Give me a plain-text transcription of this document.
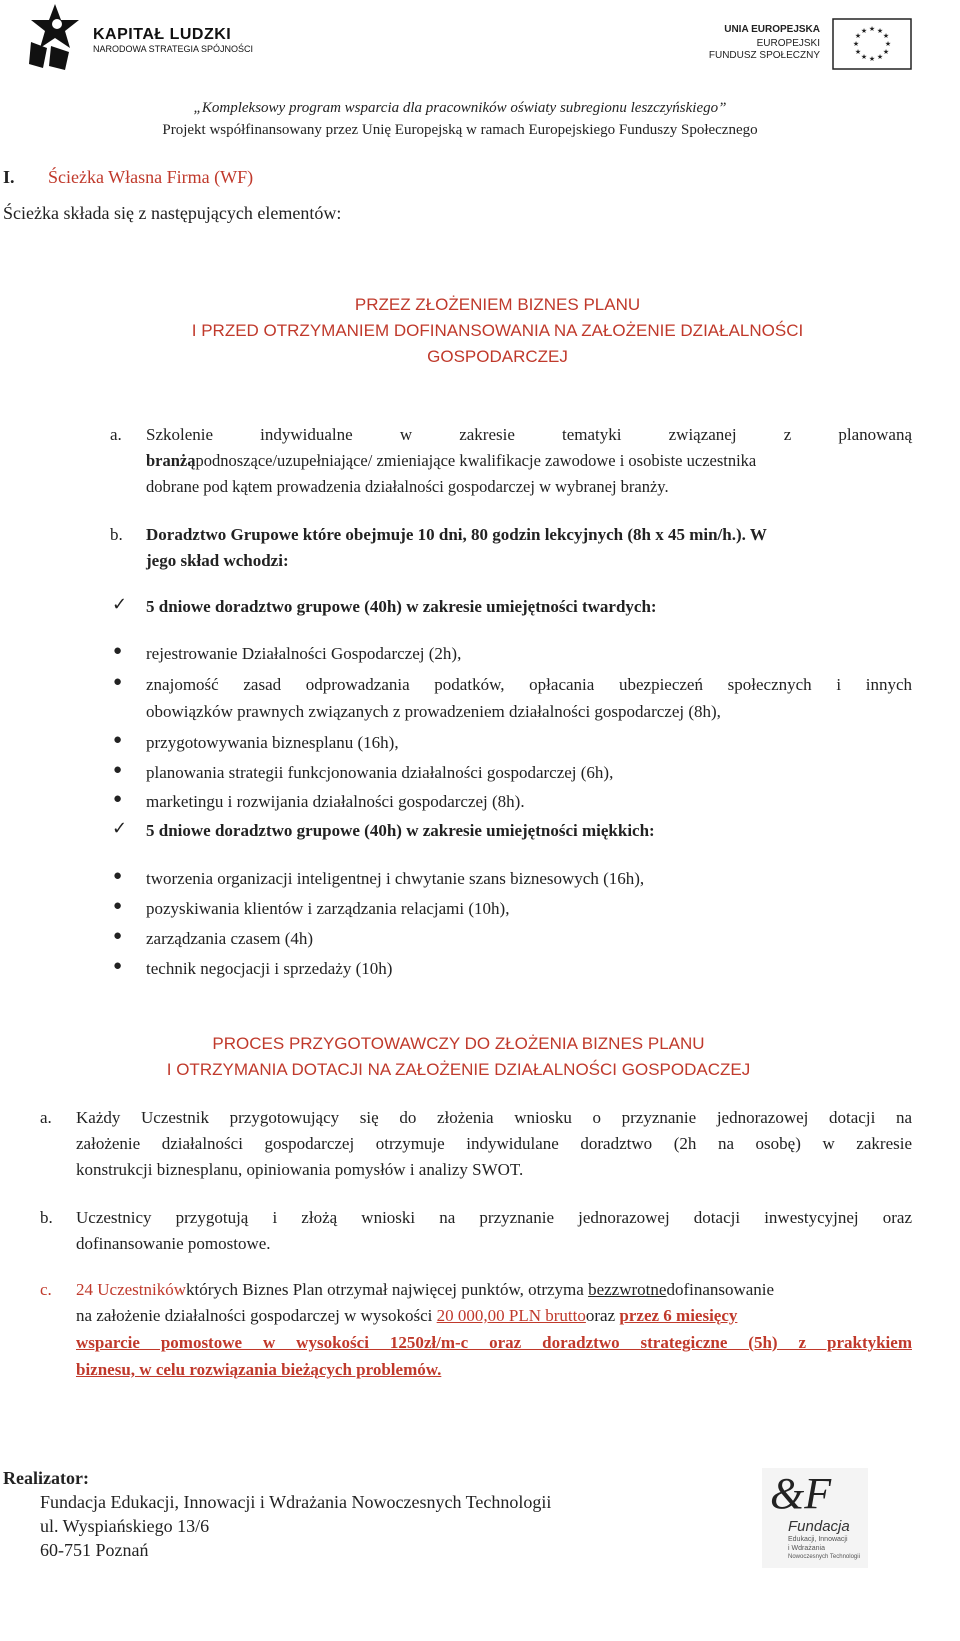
KAPITAŁ LUDZKI
NARODOWA STRATEGIA SPÓJNOŚCI
UNIA EUROPEJSKA
EUROPEJSKI
FUNDUSZ SPOŁECZNY
★ ★
★
★
★
★
★
★
★
★
★
★
„Kompleksowy program wsparcia dla pracowników oświaty subregionu leszczyńskiego”
Projekt współfinansowany przez Unię Europejską w ramach Europejskiego Funduszy Społecznego
I. Ścieżka Własna Firma (WF)
Ścieżka składa się z następujących elementów:
PRZEZ ZŁOŻENIEM BIZNES PLANU
I PRZED OTRZYMANIEM DOFINANSOWANIA NA ZAŁOŻENIE DZIAŁALNOŚCI
GOSPODARCZEJ
a. Szkolenie indywidualne w zakresie tematyki związanej z planowaną
branżąpodnoszące/uzupełniające/ zmieniające kwalifikacje zawodowe i osobiste uczestnika
dobrane pod kątem prowadzenia działalności gospodarczej w wybranej branży.
b. Doradztwo Grupowe które obejmuje 10 dni, 80 godzin lekcyjnych (8h x 45 min/h.). W
jego skład wchodzi:
✓ 5 dniowe doradztwo grupowe (40h) w zakresie umiejętności twardych:
● rejestrowanie Działalności Gospodarczej (2h),
● znajomość zasad odprowadzania podatków, opłacania ubezpieczeń społecznych i innych
obowiązków prawnych związanych z prowadzeniem działalności gospodarczej (8h),
● przygotowywania biznesplanu (16h),
● planowania strategii funkcjonowania działalności gospodarczej (6h),
● marketingu i rozwijania działalności gospodarczej (8h).
✓ 5 dniowe doradztwo grupowe (40h) w zakresie umiejętności miękkich:
● tworzenia organizacji inteligentnej i chwytanie szans biznesowych (16h),
● pozyskiwania klientów i zarządzania relacjami (10h),
● zarządzania czasem (4h)
● technik negocjacji i sprzedaży (10h)
PROCES PRZYGOTOWAWCZY DO ZŁOŻENIA BIZNES PLANU
I OTRZYMANIA DOTACJI NA ZAŁOŻENIE DZIAŁALNOŚCI GOSPODACZEJ
a. Każdy Uczestnik przygotowujący się do złożenia wniosku o przyznanie jednorazowej dotacji na
założenie działalności gospodarczej otrzymuje indywidulane doradztwo (2h na osobę) w zakresie
konstrukcji biznesplanu, opiniowania pomysłów i analizy SWOT.
b. Uczestnicy przygotują i złożą wnioski na przyznanie jednorazowej dotacji inwestycyjnej oraz
dofinansowanie pomostowe.
c. 24 Uczestnikówktórych Biznes Plan otrzymał najwięcej punktów, otrzyma bezzwrotnedofinansowanie
na założenie działalności gospodarczej w wysokości 20 000,00 PLN bruttooraz przez 6 miesięcy
wsparcie pomostowe w wysokości 1250zł/m-c oraz doradztwo strategiczne (5h) z praktykiem
biznesu, w celu rozwiązania bieżących problemów.
Realizator:
Fundacja Edukacji, Innowacji i Wdrażania Nowoczesnych Technologii
ul. Wyspiańskiego 13/6
60-751 Poznań
&F
Fundacja
Edukacji, Innowacji
i Wdrażania
Nowoczesnych Technologii
